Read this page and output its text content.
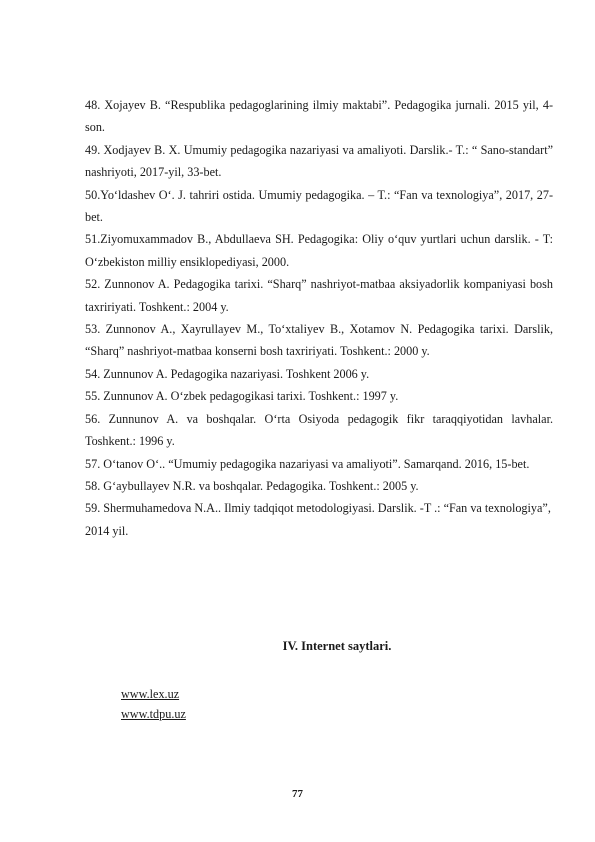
48. Xojayev B. “Respublika pedagoglarining ilmiy maktabi”. Pedagogika jurnali. 2015 yil, 4-son.

49. Xodjayev B. X. Umumiy pedagogika nazariyasi va amaliyoti. Darslik.- T.: “ Sano-standart” nashriyoti, 2017-yil, 33-bet.

50.Yo‘ldashev O‘. J. tahriri ostida. Umumiy pedagogika. – T.: “Fan va texnologiya”, 2017, 27- bet.

51.Ziyomuxammadov B., Abdullaeva SH. Pedagogika: Oliy o‘quv yurtlari uchun darslik. - T: O‘zbekiston milliy ensiklopediyasi, 2000.

52. Zunnonov A. Pedagogika tarixi. “Sharq” nashriyot-matbaa aksiyadorlik kompaniyasi bosh taxririyati. Toshkent.: 2004 y.

53. Zunnonov A., Xayrullayev M., To‘xtaliyev B., Xotamov N. Pedagogika tarixi. Darslik, “Sharq” nashriyot-matbaa konserni bosh taxririyati. Toshkent.: 2000 y.

54. Zunnunov A. Pedagogika nazariyasi. Toshkent 2006 y.

55. Zunnunov A. O‘zbek pedagogikasi tarixi. Toshkent.: 1997 y.

56. Zunnunov A. va boshqalar. O‘rta Osiyoda pedagogik fikr taraqqiyotidan lavhalar. Toshkent.: 1996 y.

57. O‘tanov O‘.. “Umumiy pedagogika nazariyasi va amaliyoti”. Samarqand. 2016, 15-bet.

58. G‘aybullayev N.R. va boshqalar. Pedagogika. Toshkent.: 2005 y.

59. Shermuhamedova N.A.. Ilmiy tadqiqot metodologiyasi. Darslik. -T .: “Fan va texnologiya”, 2014 yil.

IV. Internet saytlari.
www.lex.uz
www.tdpu.uz
77
